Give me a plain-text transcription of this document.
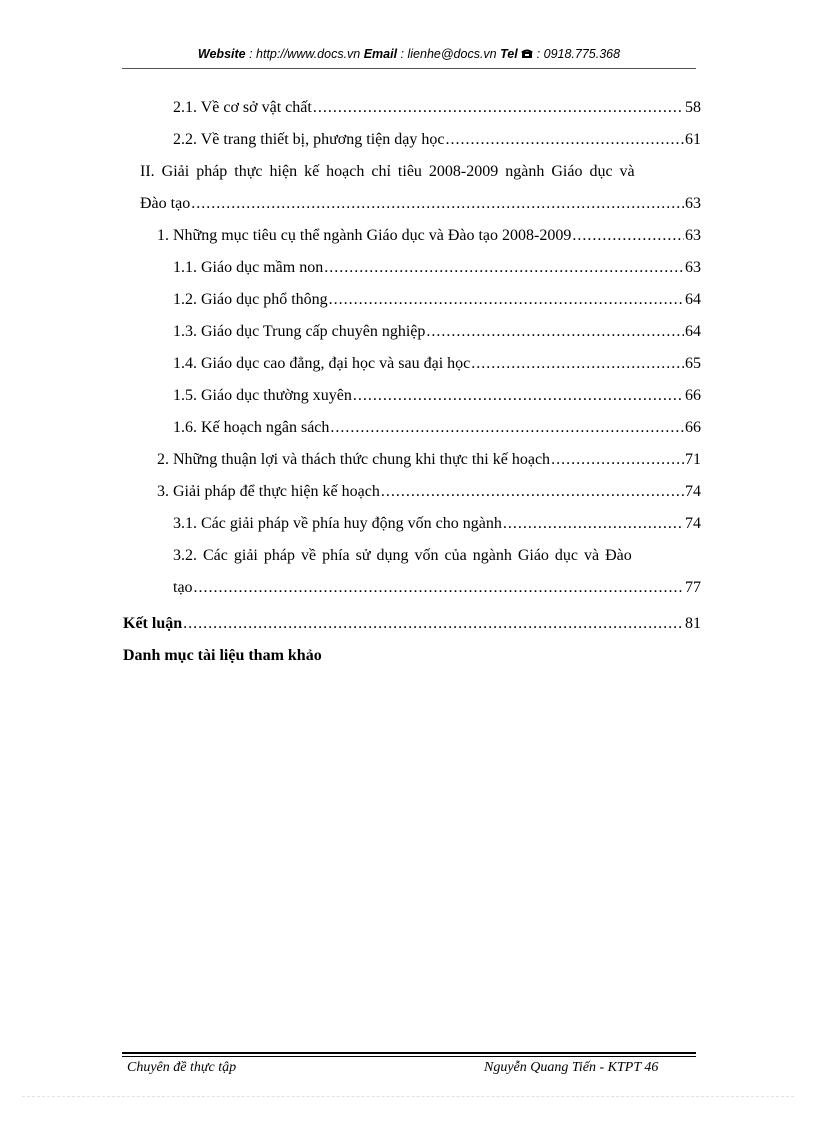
Website : http://www.docs.vn Email : lienhe@docs.vn Tel  : 0918.775.368
2.1. Về cơ sở vật chất .....	58
2.2. Về trang thiết bị, phương tiện dạy học .....	61
II. Giải pháp thực hiện kế hoạch chỉ tiêu 2008-2009 ngành Giáo dục và
Đào tạo .....	63
1. Những mục tiêu cụ thể ngành Giáo dục và Đào tạo 2008-2009 .....	63
1.1. Giáo dục mầm non .....	63
1.2. Giáo dục phổ thông .....	64
1.3. Giáo dục Trung cấp chuyên nghiệp .....	64
1.4. Giáo dục cao đẳng, đại học và sau đại học .....	65
1.5. Giáo dục thường xuyên .....	66
1.6. Kế hoạch ngân sách .....	66
2. Những thuận lợi và thách thức chung khi thực thi kế hoạch .....	71
3. Giải pháp để thực hiện kế hoạch .....	74
3.1. Các giải pháp về phía huy động vốn cho ngành .....	74
3.2. Các giải pháp về phía sử dụng vốn của ngành Giáo dục và Đào
tạo .....	77
Kết luận .....	81
Danh mục tài liệu tham khảo
Chuyên đề thực tập	Nguyễn Quang Tiến - KTPT 46
